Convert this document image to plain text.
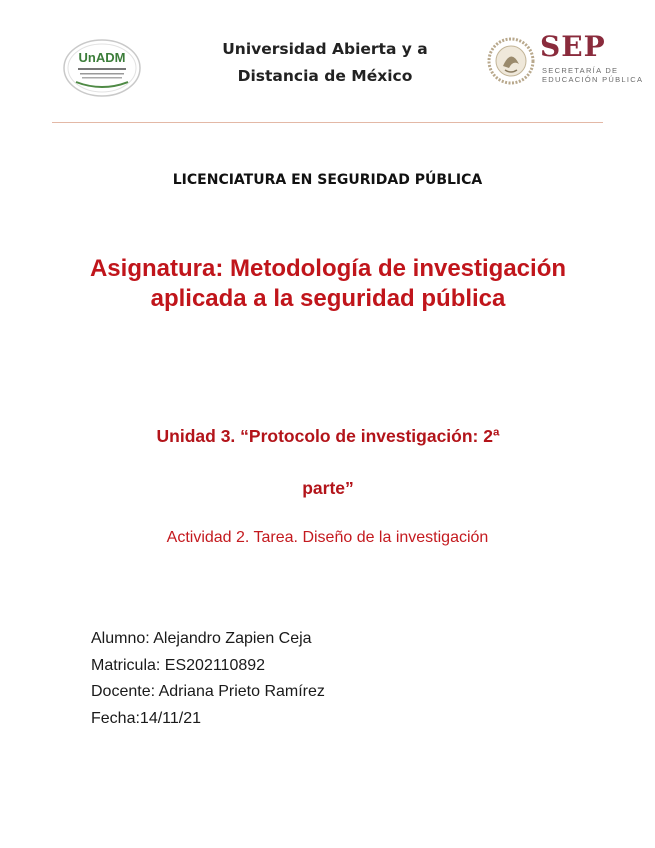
UnADM	Universidad Abierta y a
Distancia de México
SEP
SECRETARÍA DE
EDUCACIÓN PÚBLICA
LICENCIATURA EN SEGURIDAD PÚBLICA
Asignatura: Metodología de investigación aplicada a la seguridad pública
Unidad 3. “Protocolo de investigación: 2ª
parte”
Actividad 2. Tarea. Diseño de la investigación
Alumno: Alejandro Zapien Ceja
Matricula: ES202110892
Docente: Adriana Prieto Ramírez
Fecha:14/11/21
